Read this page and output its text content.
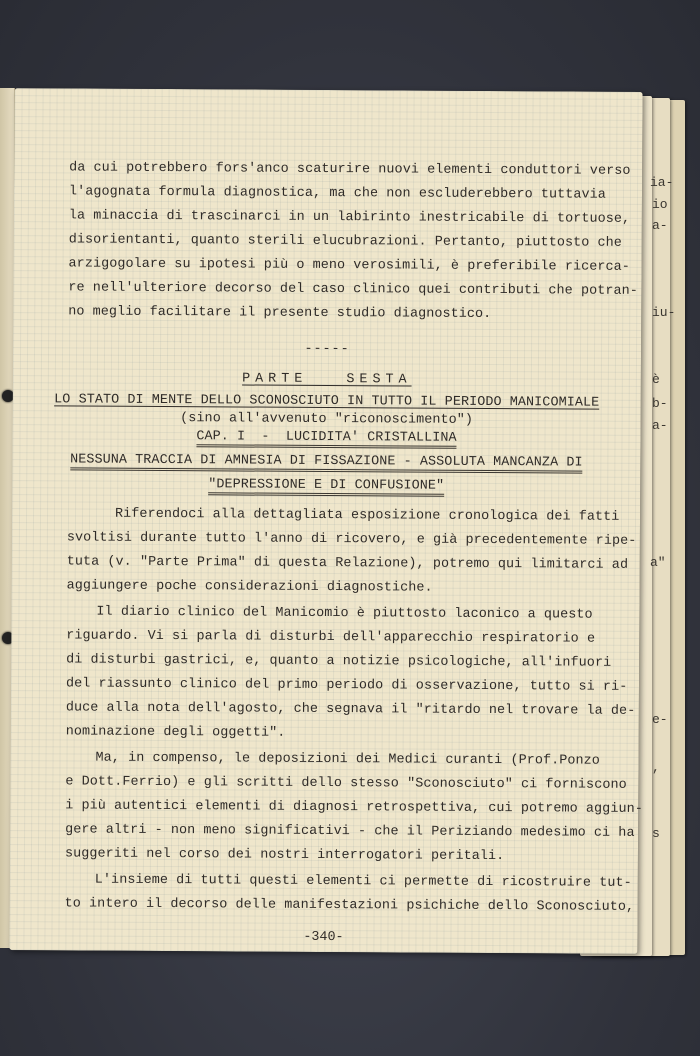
ia-
io
a-
iu-
è
b-
a-
a"
e-
,
s
da cui potrebbero fors'anco scaturire nuovi elementi conduttori verso
l'agognata formula diagnostica, ma che non escluderebbero tuttavia
la minaccia di trascinarci in un labirinto inestricabile di tortuose,
disorientanti, quanto sterili elucubrazioni. Pertanto, piuttosto che
arzigogolare su ipotesi più o meno verosimili, è preferibile ricerca-
re nell'ulteriore decorso del caso clinico quei contributi che potran-
no meglio facilitare il presente studio diagnostico.
-----
PARTE   SESTA
LO STATO DI MENTE DELLO SCONOSCIUTO IN TUTTO IL PERIODO MANICOMIALE
(sino all'avvenuto "riconoscimento")
CAP. I  -  LUCIDITA' CRISTALLINA
NESSUNA TRACCIA DI AMNESIA DI FISSAZIONE - ASSOLUTA MANCANZA DI
"DEPRESSIONE E DI CONFUSIONE"
Riferendoci alla dettagliata esposizione cronologica dei fatti
svoltisi durante tutto l'anno di ricovero, e già precedentemente ripe-
tuta (v. "Parte Prima" di questa Relazione), potremo qui limitarci ad
aggiungere poche considerazioni diagnostiche.
Il diario clinico del Manicomio è piuttosto laconico a questo
riguardo. Vi si parla di disturbi dell'apparecchio respiratorio e
di disturbi gastrici, e, quanto a notizie psicologiche, all'infuori
del riassunto clinico del primo periodo di osservazione, tutto si ri-
duce alla nota dell'agosto, che segnava il "ritardo nel trovare la de-
nominazione degli oggetti".
Ma, in compenso, le deposizioni dei Medici curanti (Prof.Ponzo
e Dott.Ferrio) e gli scritti dello stesso "Sconosciuto" ci forniscono
i più autentici elementi di diagnosi retrospettiva, cui potremo aggiun-
gere altri - non meno significativi - che il Periziando medesimo ci ha
suggeriti nel corso dei nostri interrogatori peritali.
L'insieme di tutti questi elementi ci permette di ricostruire tut-
to intero il decorso delle manifestazioni psichiche dello Sconosciuto,
-340-
